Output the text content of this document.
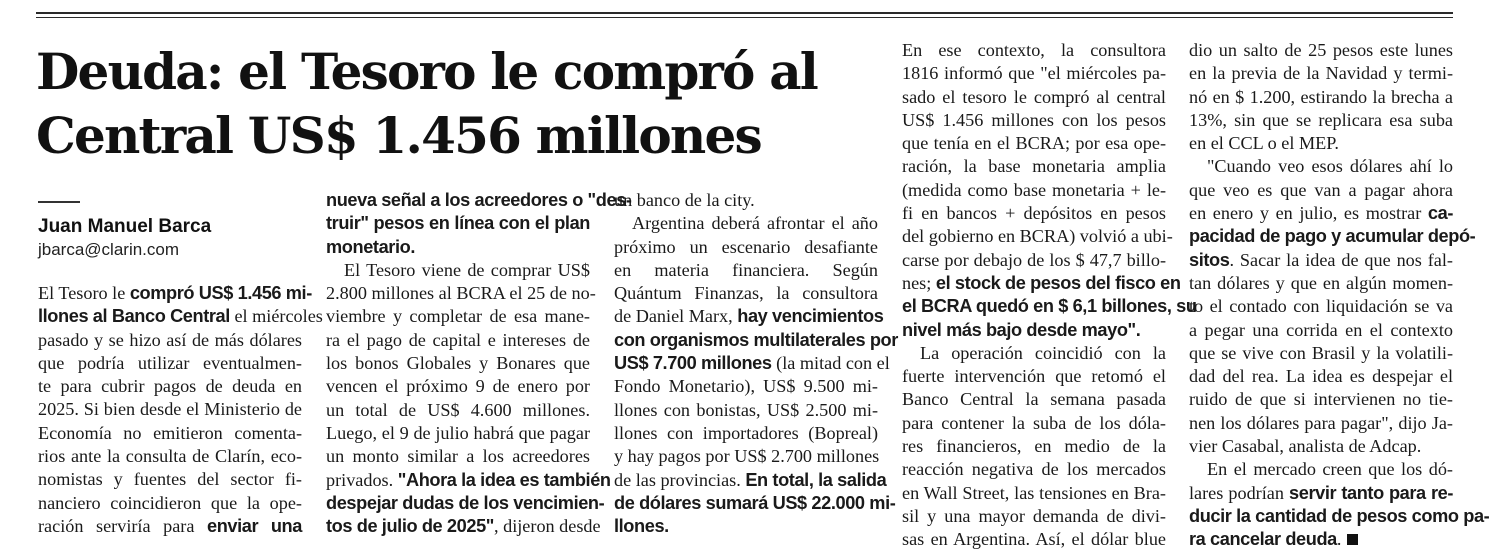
Deuda: el Tesoro le compró al
Central US$ 1.456 millones
Juan Manuel Barca
jbarca@clarin.com
El Tesoro le compró US$ 1.456 mi-
llones al Banco Central el miércoles
pasado y se hizo así de más dólares
que podría utilizar eventualmen-
te para cubrir pagos de deuda en
2025. Si bien desde el Ministerio de
Economía no emitieron comenta-
rios ante la consulta de Clarín, eco-
nomistas y fuentes del sector fi-
nanciero coincidieron que la ope-
ración serviría para enviar una
nueva señal a los acreedores o "des-
truir" pesos en línea con el plan
monetario.
El Tesoro viene de comprar US$
2.800 millones al BCRA el 25 de no-
viembre y completar de esa mane-
ra el pago de capital e intereses de
los bonos Globales y Bonares que
vencen el próximo 9 de enero por
un total de US$ 4.600 millones.
Luego, el 9 de julio habrá que pagar
un monto similar a los acreedores
privados. "Ahora la idea es también
despejar dudas de los vencimien-
tos de julio de 2025", dijeron desde
un banco de la city.
Argentina deberá afrontar el año
próximo un escenario desafiante
en materia financiera. Según
Quántum Finanzas, la consultora
de Daniel Marx, hay vencimientos
con organismos multilaterales por
US$ 7.700 millones (la mitad con el
Fondo Monetario), US$ 9.500 mi-
llones con bonistas, US$ 2.500 mi-
llones con importadores (Bopreal)
y hay pagos por US$ 2.700 millones
de las provincias. En total, la salida
de dólares sumará US$ 22.000 mi-
llones.
En ese contexto, la consultora
1816 informó que "el miércoles pa-
sado el tesoro le compró al central
US$ 1.456 millones con los pesos
que tenía en el BCRA; por esa ope-
ración, la base monetaria amplia
(medida como base monetaria + le-
fi en bancos + depósitos en pesos
del gobierno en BCRA) volvió a ubi-
carse por debajo de los $ 47,7 billo-
nes; el stock de pesos del fisco en
el BCRA quedó en $ 6,1 billones, su
nivel más bajo desde mayo".
La operación coincidió con la
fuerte intervención que retomó el
Banco Central la semana pasada
para contener la suba de los dóla-
res financieros, en medio de la
reacción negativa de los mercados
en Wall Street, las tensiones en Bra-
sil y una mayor demanda de divi-
sas en Argentina. Así, el dólar blue
dio un salto de 25 pesos este lunes
en la previa de la Navidad y termi-
nó en $ 1.200, estirando la brecha a
13%, sin que se replicara esa suba
en el CCL o el MEP.
"Cuando veo esos dólares ahí lo
que veo es que van a pagar ahora
en enero y en julio, es mostrar ca-
pacidad de pago y acumular depó-
sitos. Sacar la idea de que nos fal-
tan dólares y que en algún momen-
to el contado con liquidación se va
a pegar una corrida en el contexto
que se vive con Brasil y la volatili-
dad del rea. La idea es despejar el
ruido de que si intervienen no tie-
nen los dólares para pagar", dijo Ja-
vier Casabal, analista de Adcap.
En el mercado creen que los dó-
lares podrían servir tanto para re-
ducir la cantidad de pesos como pa-
ra cancelar deuda.
